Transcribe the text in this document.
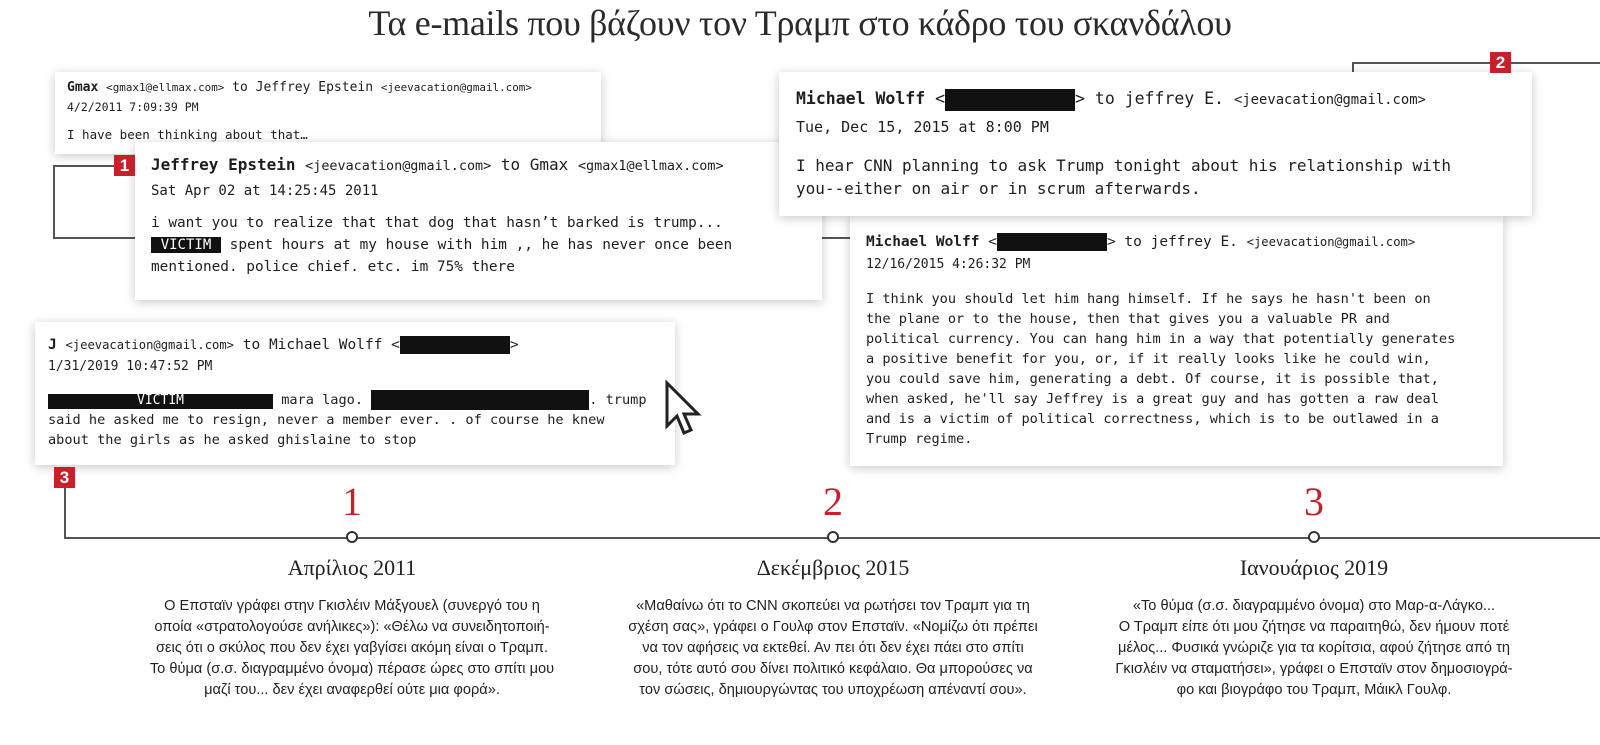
Τα e-mails που βάζουν τον Τραμπ στο κάδρο του σκανδάλου
Gmax <gmax1@ellmax.com> to Jeffrey Epstein <jeevacation@gmail.com>
4/2/2011 7:09:39 PM
I have been thinking about that…
Jeffrey Epstein <jeevacation@gmail.com> to Gmax <gmax1@ellmax.com>
Sat Apr 02 at 14:25:45 2011
i want you to realize that that dog that hasn’t barked is trump...
VICTIM spent hours at my house with him ,, he has never once been
mentioned. police chief. etc. im 75% there
1
Michael Wolff <	> to jeffrey E. <jeevacation@gmail.com>
12/16/2015 4:26:32 PM
I think you should let him hang himself. If he says he hasn't been on
the plane or to the house, then that gives you a valuable PR and
political currency. You can hang him in a way that potentially generates
a positive benefit for you, or, if it really looks like he could win,
you could save him, generating a debt. Of course, it is possible that,
when asked, he'll say Jeffrey is a great guy and has gotten a raw deal
and is a victim of political correctness, which is to be outlawed in a
Trump regime.
Michael Wolff <	> to jeffrey E. <jeevacation@gmail.com>
Tue, Dec 15, 2015 at 8:00 PM
I hear CNN planning to ask Trump tonight about his relationship with
you--either on air or in scrum afterwards.
2
J <jeevacation@gmail.com> to Michael Wolff <	>
1/31/2019 10:47:52 PM
VICTIM	mara lago.	. trump
said he asked me to resign, never a member ever. . of course he knew
about the girls as he asked ghislaine to stop
3
1
Απρίλιος 2011
Ο Επσταϊν γράφει στην Γκισλέιν Μάξγουελ (συνεργό του η
οποία «στρατολογούσε ανήλικες»): «Θέλω να συνειδητοποιή-
σεις ότι ο σκύλος που δεν έχει γαβγίσει ακόμη είναι ο Τραμπ.
Το θύμα (σ.σ. διαγραμμένο όνομα) πέρασε ώρες στο σπίτι μου
μαζί του... δεν έχει αναφερθεί ούτε μια φορά».
2
Δεκέμβριος 2015
«Μαθαίνω ότι το CNN σκοπεύει να ρωτήσει τον Τραμπ για τη
σχέση σας», γράφει ο Γουλφ στον Επσταϊν. «Νομίζω ότι πρέπει
να τον αφήσεις να εκτεθεί. Αν πει ότι δεν έχει πάει στο σπίτι
σου, τότε αυτό σου δίνει πολιτικό κεφάλαιο. Θα μπορούσες να
τον σώσεις, δημιουργώντας του υποχρέωση απέναντί σου».
3
Ιανουάριος 2019
«Το θύμα (σ.σ. διαγραμμένο όνομα) στο Μαρ-α-Λάγκο...
Ο Τραμπ είπε ότι μου ζήτησε να παραιτηθώ, δεν ήμουν ποτέ
μέλος... Φυσικά γνώριζε για τα κορίτσια, αφού ζήτησε από τη
Γκισλέιν να σταματήσει», γράφει ο Επσταϊν στον δημοσιογρά-
φο και βιογράφο του Τραμπ, Μάικλ Γουλφ.
